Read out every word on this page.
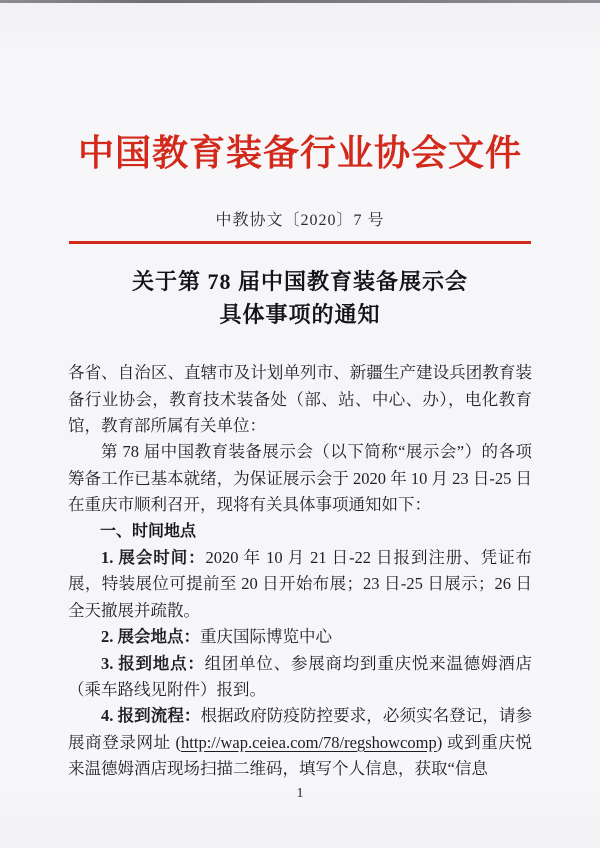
中国教育装备行业协会文件
中教协文〔2020〕7 号
关于第 78 届中国教育装备展示会
具体事项的通知

各省、自治区、直辖市及计划单列市、新疆生产建设兵团教育装备行业协会，教育技术装备处（部、站、中心、办），电化教育馆，教育部所属有关单位：

第 78 届中国教育装备展示会（以下简称“展示会”）的各项筹备工作已基本就绪，为保证展示会于 2020 年 10 月 23 日-25 日在重庆市顺利召开，现将有关具体事项通知如下：

一、时间地点

1. 展会时间：2020 年 10 月 21 日-22 日报到注册、凭证布展，特装展位可提前至 20 日开始布展；23 日-25 日展示；26 日全天撤展并疏散。

2. 展会地点：重庆国际博览中心

3. 报到地点：组团单位、参展商均到重庆悦来温德姆酒店（乘车路线见附件）报到。

4. 报到流程：根据政府防疫防控要求，必须实名登记，请参展商登录网址 (http://wap.ceiea.com/78/regshowcomp) 或到重庆悦来温德姆酒店现场扫描二维码，填写个人信息，获取“信息

1
